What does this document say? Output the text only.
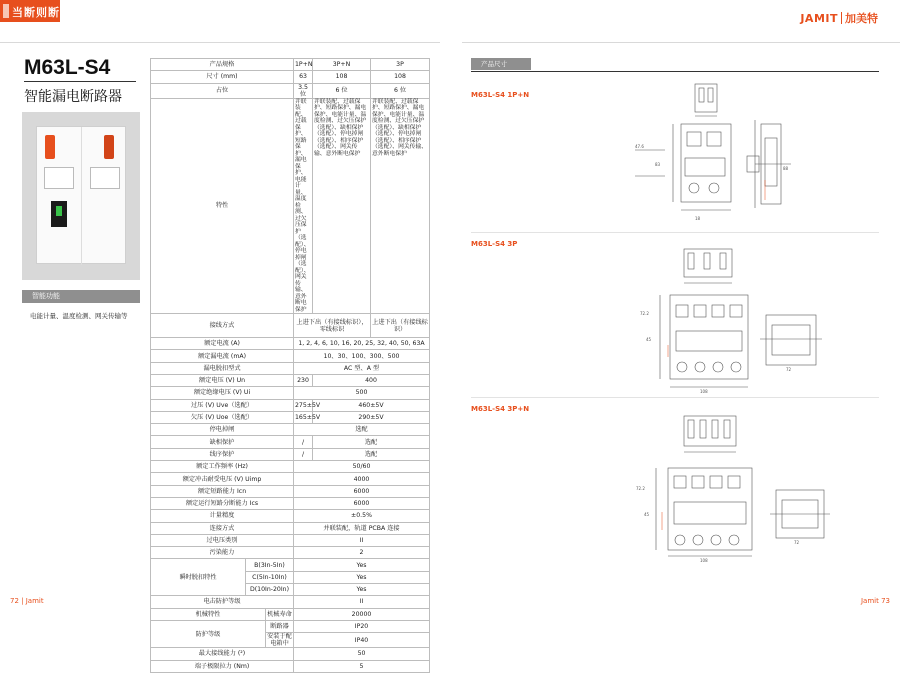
当断则断	JAMIT 加美特
M63L-S4
智能漏电断路器
智能功能
电能计量、温度检测、网关传输等
产品规格			1P+N	3P+N	3P
尺寸 (mm)			63	108	108
占位			3.5 位	6 位	6 位
特性			并联装配、过载保护、短路保护、漏电保护、电能计量、温度检测、过欠压保护（选配）、停电掉闸（选配）、网关传输、意外断电保护	并联装配、过载保护、短路保护、漏电保护、电能计量、温度检测、过欠压保护（选配）、缺相保护（选配）、停电掉闸（选配）、相序保护（选配）、网关传输、意外断电保护	并联装配、过载保护、短路保护、漏电保护、电能计量、温度检测、过欠压保护（选配）、缺相保护（选配）、停电掉闸（选配）、相序保护（选配）、网关传输、意外断电保护
接线方式			上进下出（有接线标识），零线标识		上进下出（有接线标识）
额定电流 (A)			1, 2, 4, 6, 10, 16, 20, 25, 32, 40, 50, 63A		
额定漏电流 (mA)			10、30、100、300、500		
漏电脱扣型式			AC 型、A 型		
额定电压 (V) Un			230	400	
额定绝缘电压 (V) Ui			500		
过压 (V) Uve（选配）			275±5V	460±5V	
欠压 (V) Uoe（选配）			165±5V	290±5V	
停电掉闸			选配		
缺相保护			/	选配	
线序保护			/	选配	
额定工作频率 (Hz)			50/60		
额定冲击耐受电压 (V) Uimp			4000		
额定短路能力 Icn			6000		
额定运行短路分断能力 Ics			6000		
计量精度			±0.5%		
连接方式			并联装配，轨道 PCBA 连接		
过电压类别			II		
污染能力			2		
瞬时脱扣特性	B(3In-5In)		Yes		
	C(5In-10In)		Yes		
	D(10In-20In)		Yes		
电击防护等级			II		
机械特性		机械寿命	20000		
防护等级		断路器	IP20		
		安装于配电箱中	IP40		
最大接线能力 (²)			50		
端子极限拉力 (Nm)			5		
产品尺寸
M63L-S4 1P+N
M63L-S4 3P
M63L-S4 3P+N
18
47.6
83
88
72.2
45
108
72
72.2
45
108
72
72 | Jamit	Jamit 73
